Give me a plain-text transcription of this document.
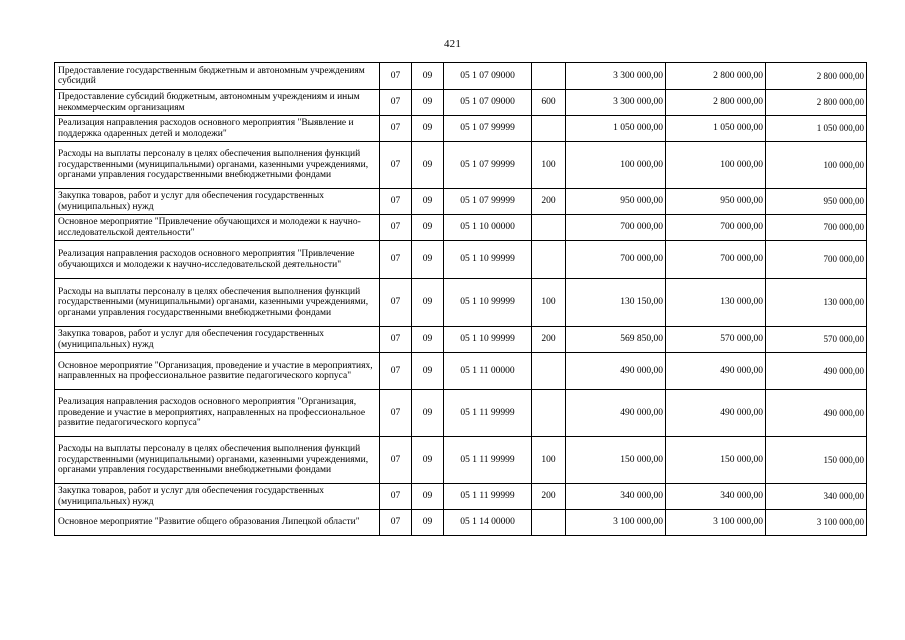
421
Предоставление государственным бюджетным и автономным учреждениям субсидий	07	09	05 1 07 09000		3 300 000,00	2 800 000,00	2 800 000,00
Предоставление субсидий бюджетным, автономным учреждениям и иным некоммерческим организациям	07	09	05 1 07 09000	600	3 300 000,00	2 800 000,00	2 800 000,00
Реализация направления расходов основного мероприятия "Выявление и поддержка одаренных детей и молодежи"	07	09	05 1 07 99999		1 050 000,00	1 050 000,00	1 050 000,00
Расходы на выплаты персоналу в целях обеспечения выполнения функций государственными (муниципальными) органами, казенными учреждениями, органами управления государственными внебюджетными фондами	07	09	05 1 07 99999	100	100 000,00	100 000,00	100 000,00
Закупка товаров, работ и услуг для обеспечения государственных (муниципальных) нужд	07	09	05 1 07 99999	200	950 000,00	950 000,00	950 000,00
Основное мероприятие "Привлечение обучающихся и молодежи к научно-исследовательской деятельности"	07	09	05 1 10 00000		700 000,00	700 000,00	700 000,00
Реализация направления расходов основного мероприятия "Привлечение обучающихся и молодежи к научно-исследовательской деятельности"	07	09	05 1 10 99999		700 000,00	700 000,00	700 000,00
Расходы на выплаты персоналу в целях обеспечения выполнения функций государственными (муниципальными) органами, казенными учреждениями, органами управления государственными внебюджетными фондами	07	09	05 1 10 99999	100	130 150,00	130 000,00	130 000,00
Закупка товаров, работ и услуг для обеспечения государственных (муниципальных) нужд	07	09	05 1 10 99999	200	569 850,00	570 000,00	570 000,00
Основное мероприятие "Организация, проведение и участие в мероприятиях, направленных на профессиональное развитие педагогического корпуса"	07	09	05 1 11 00000		490 000,00	490 000,00	490 000,00
Реализация направления расходов основного мероприятия "Организация, проведение и участие в мероприятиях, направленных на профессиональное развитие педагогического корпуса"	07	09	05 1 11 99999		490 000,00	490 000,00	490 000,00
Расходы на выплаты персоналу в целях обеспечения выполнения функций государственными (муниципальными) органами, казенными учреждениями, органами управления государственными внебюджетными фондами	07	09	05 1 11 99999	100	150 000,00	150 000,00	150 000,00
Закупка товаров, работ и услуг для обеспечения государственных (муниципальных) нужд	07	09	05 1 11 99999	200	340 000,00	340 000,00	340 000,00
Основное мероприятие "Развитие общего образования Липецкой области"	07	09	05 1 14 00000		3 100 000,00	3 100 000,00	3 100 000,00
